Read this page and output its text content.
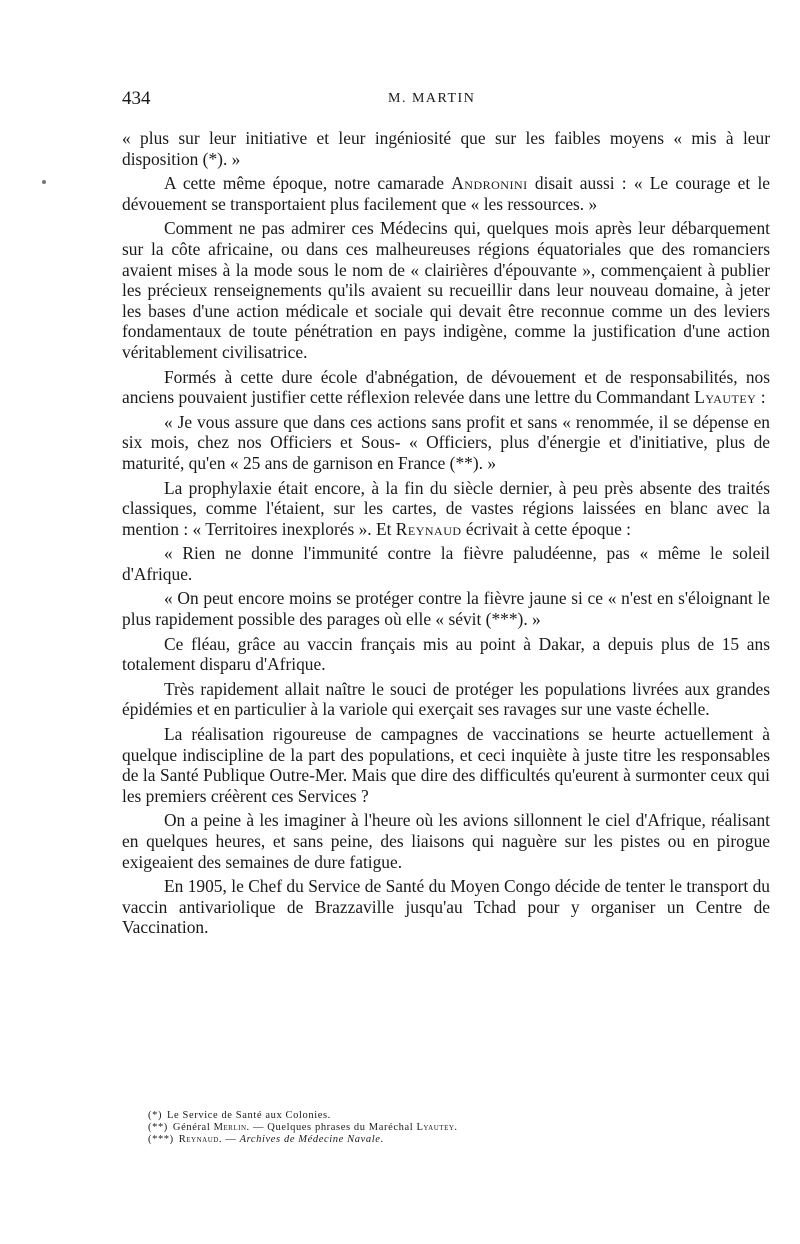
434	M. MARTIN

« plus sur leur initiative et leur ingéniosité que sur les faibles moyens « mis à leur disposition (*). »

A cette même époque, notre camarade Andronini disait aussi : « Le courage et le dévouement se transportaient plus facilement que « les ressources. »

Comment ne pas admirer ces Médecins qui, quelques mois après leur débarquement sur la côte africaine, ou dans ces malheureuses régions équatoriales que des romanciers avaient mises à la mode sous le nom de « clairières d'épouvante », commençaient à publier les précieux renseignements qu'ils avaient su recueillir dans leur nouveau domaine, à jeter les bases d'une action médicale et sociale qui devait être reconnue comme un des leviers fondamentaux de toute pénétration en pays indigène, comme la justification d'une action véritablement civilisatrice.

Formés à cette dure école d'abnégation, de dévouement et de responsabilités, nos anciens pouvaient justifier cette réflexion relevée dans une lettre du Commandant Lyautey :

« Je vous assure que dans ces actions sans profit et sans « renommée, il se dépense en six mois, chez nos Officiers et Sous- « Officiers, plus d'énergie et d'initiative, plus de maturité, qu'en « 25 ans de garnison en France (**). »

La prophylaxie était encore, à la fin du siècle dernier, à peu près absente des traités classiques, comme l'étaient, sur les cartes, de vastes régions laissées en blanc avec la mention : « Territoires inexplorés ». Et Reynaud écrivait à cette époque :

« Rien ne donne l'immunité contre la fièvre paludéenne, pas « même le soleil d'Afrique.

« On peut encore moins se protéger contre la fièvre jaune si ce « n'est en s'éloignant le plus rapidement possible des parages où elle « sévit (***). »

Ce fléau, grâce au vaccin français mis au point à Dakar, a depuis plus de 15 ans totalement disparu d'Afrique.

Très rapidement allait naître le souci de protéger les populations livrées aux grandes épidémies et en particulier à la variole qui exerçait ses ravages sur une vaste échelle.

La réalisation rigoureuse de campagnes de vaccinations se heurte actuellement à quelque indiscipline de la part des populations, et ceci inquiète à juste titre les responsables de la Santé Publique Outre-Mer. Mais que dire des difficultés qu'eurent à surmonter ceux qui les premiers créèrent ces Services ?

On a peine à les imaginer à l'heure où les avions sillonnent le ciel d'Afrique, réalisant en quelques heures, et sans peine, des liaisons qui naguère sur les pistes ou en pirogue exigeaient des semaines de dure fatigue.

En 1905, le Chef du Service de Santé du Moyen Congo décide de tenter le transport du vaccin antivariolique de Brazzaville jusqu'au Tchad pour y organiser un Centre de Vaccination.

(*) Le Service de Santé aux Colonies.
(**) Général Merlin. — Quelques phrases du Maréchal Lyautey.
(***) Reynaud. — Archives de Médecine Navale.
